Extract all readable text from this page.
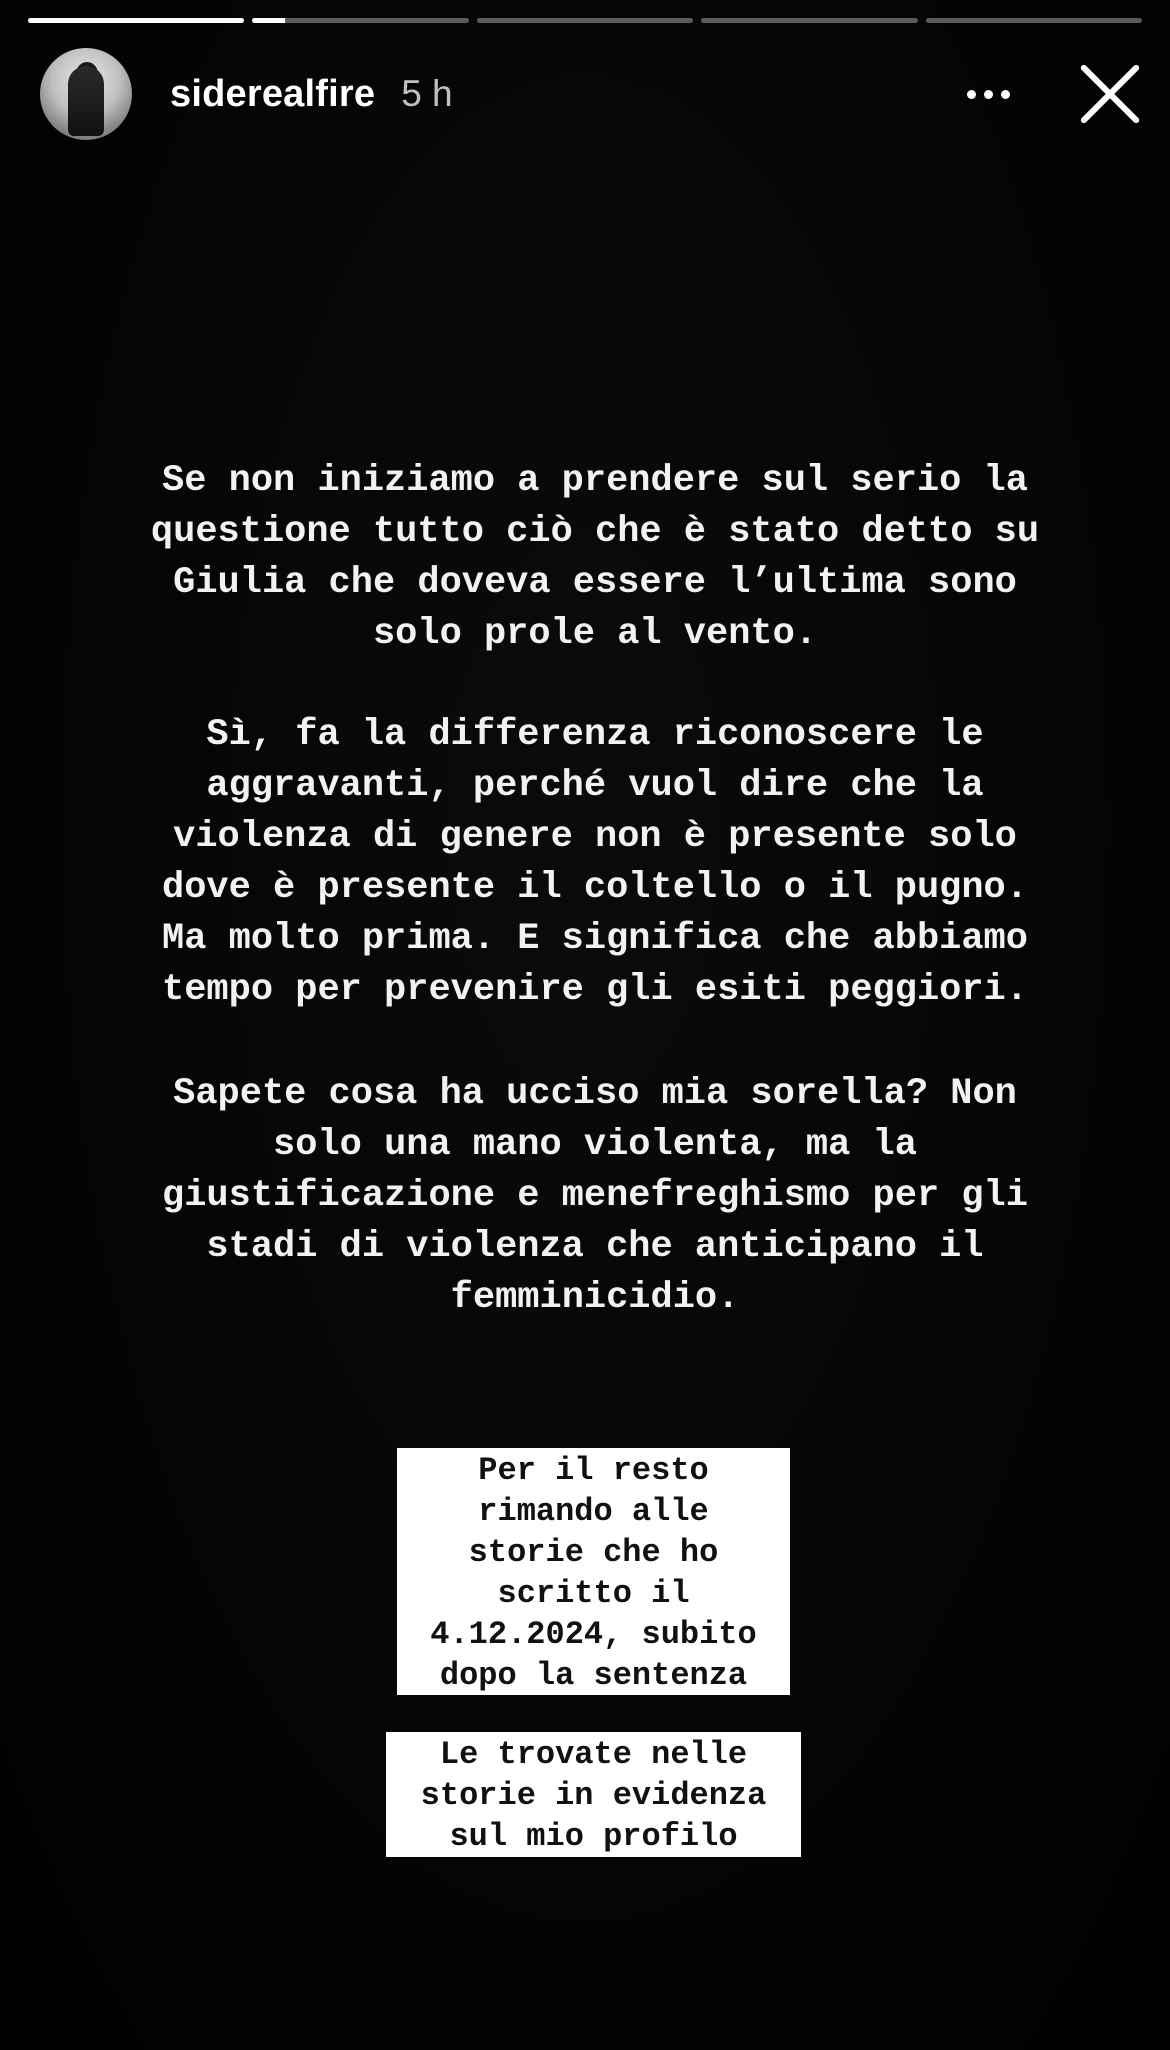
siderealfire 5 h
Se non iniziamo a prendere sul serio la
questione tutto ciò che è stato detto su
Giulia che doveva essere l’ultima sono
solo prole al vento.
Sì, fa la differenza riconoscere le
aggravanti, perché vuol dire che la
violenza di genere non è presente solo
dove è presente il coltello o il pugno.
Ma molto prima. E significa che abbiamo
tempo per prevenire gli esiti peggiori.
Sapete cosa ha ucciso mia sorella? Non
solo una mano violenta, ma la
giustificazione e menefreghismo per gli
stadi di violenza che anticipano il
femminicidio.
Per il resto
rimando alle
storie che ho
scritto il
4.12.2024, subito
dopo la sentenza
Le trovate nelle
storie in evidenza
sul mio profilo
